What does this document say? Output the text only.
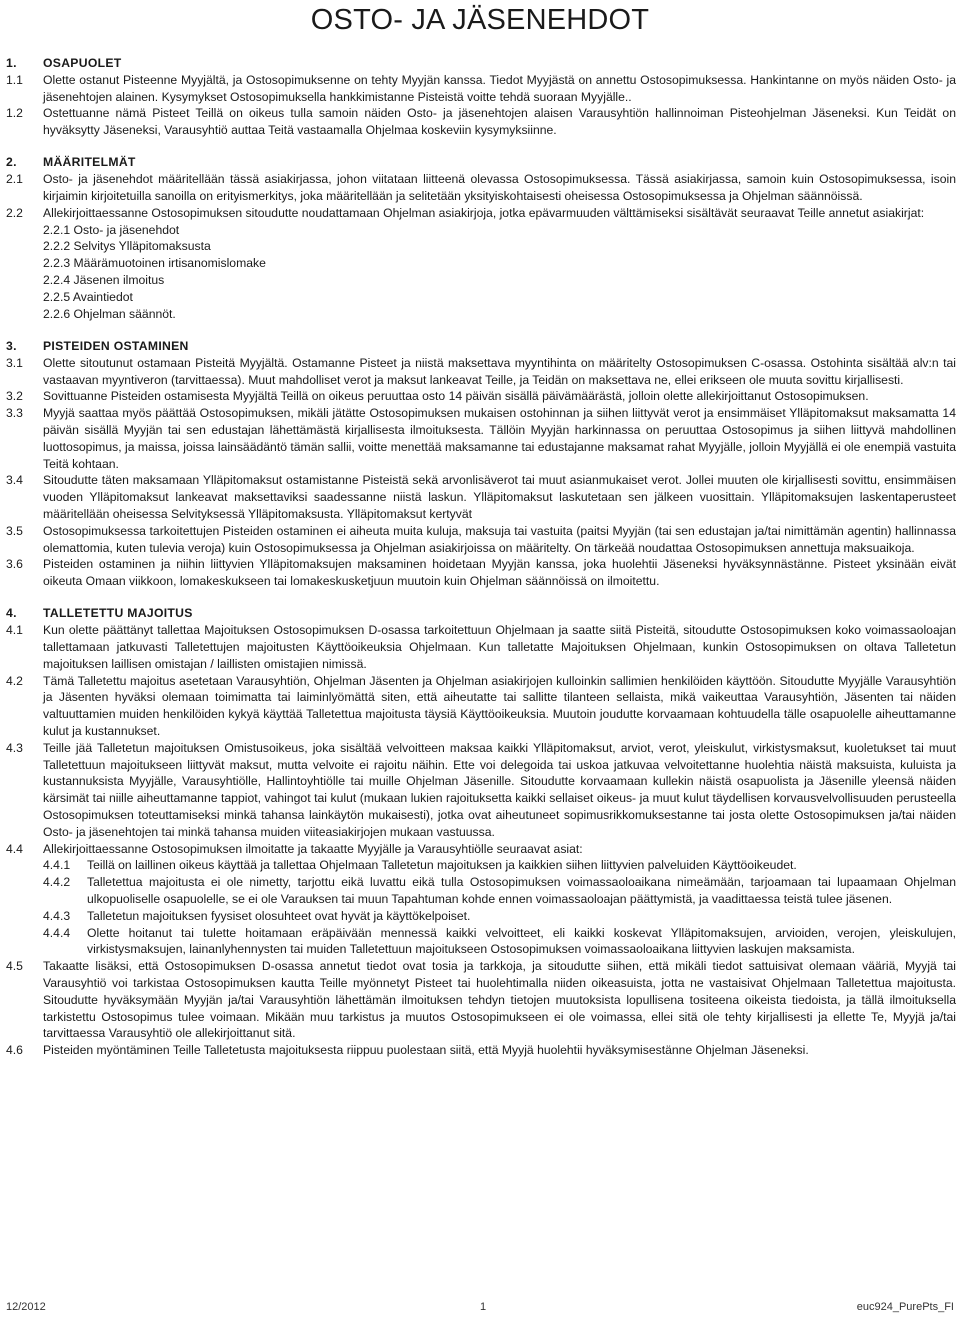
OSTO- JA JÄSENEHDOT
1.	OSAPUOLET
1.1	Olette ostanut Pisteenne Myyjältä, ja Ostosopimuksenne on tehty Myyjän kanssa. Tiedot Myyjästä on annettu Ostosopimuksessa. Hankintanne on myös näiden Osto- ja jäsenehtojen alainen. Kysymykset Ostosopimuksella hankkimistanne Pisteistä voitte tehdä suoraan Myyjälle..
1.2	Ostettuanne nämä Pisteet Teillä on oikeus tulla samoin näiden Osto- ja jäsenehtojen alaisen Varausyhtiön hallinnoiman Pisteohjelman Jäseneksi. Kun Teidät on hyväksytty Jäseneksi, Varausyhtiö auttaa Teitä vastaamalla Ohjelmaa koskeviin kysymyksiinne.
2.	MÄÄRITELMÄT
2.1	Osto- ja jäsenehdot määritellään tässä asiakirjassa, johon viitataan liitteenä olevassa Ostosopimuksessa. Tässä asiakirjassa, samoin kuin Ostosopimuksessa, isoin kirjaimin kirjoitetuilla sanoilla on erityismerkitys, joka määritellään ja selitetään yksityiskohtaisesti oheisessa Ostosopimuksessa ja Ohjelman säännöissä.
2.2	Allekirjoittaessanne Ostosopimuksen sitoudutte noudattamaan Ohjelman asiakirjoja, jotka epävarmuuden välttämiseksi sisältävät seuraavat Teille annetut asiakirjat:
2.2.1 Osto- ja jäsenehdot
2.2.2 Selvitys Ylläpitomaksusta
2.2.3 Määrämuotoinen irtisanomislomake
2.2.4 Jäsenen ilmoitus
2.2.5 Avaintiedot
2.2.6 Ohjelman säännöt.
3.	PISTEIDEN OSTAMINEN
3.1	Olette sitoutunut ostamaan Pisteitä Myyjältä. Ostamanne Pisteet ja niistä maksettava myyntihinta on määritelty Ostosopimuksen C-osassa. Ostohinta sisältää alv:n tai vastaavan myyntiveron (tarvittaessa). Muut mahdolliset verot ja maksut lankeavat Teille, ja Teidän on maksettava ne, ellei erikseen ole muuta sovittu kirjallisesti.
3.2	Sovittuanne Pisteiden ostamisesta Myyjältä Teillä on oikeus peruuttaa osto 14 päivän sisällä päivämäärästä, jolloin olette allekirjoittanut Ostosopimuksen.
3.3	Myyjä saattaa myös päättää Ostosopimuksen, mikäli jätätte Ostosopimuksen mukaisen ostohinnan ja siihen liittyvät verot ja ensimmäiset Ylläpitomaksut maksamatta 14 päivän sisällä Myyjän tai sen edustajan lähettämästä kirjallisesta ilmoituksesta. Tällöin Myyjän harkinnassa on peruuttaa Ostosopimus ja siihen liittyvä mahdollinen luottosopimus, ja maissa, joissa lainsäädäntö tämän sallii, voitte menettää maksamanne tai edustajanne maksamat rahat Myyjälle, jolloin Myyjällä ei ole enempiä vastuita Teitä kohtaan.
3.4	Sitoudutte täten maksamaan Ylläpitomaksut ostamistanne Pisteistä sekä arvonlisäverot tai muut asianmukaiset verot. Jollei muuten ole kirjallisesti sovittu, ensimmäisen vuoden Ylläpitomaksut lankeavat maksettaviksi saadessanne niistä laskun. Ylläpitomaksut laskutetaan sen jälkeen vuosittain. Ylläpitomaksujen laskentaperusteet määritellään oheisessa Selvityksessä Ylläpitomaksusta. Ylläpitomaksut kertyvät
3.5	Ostosopimuksessa tarkoitettujen Pisteiden ostaminen ei aiheuta muita kuluja, maksuja tai vastuita (paitsi Myyjän (tai sen edustajan ja/tai nimittämän agentin) hallinnassa olemattomia, kuten tulevia veroja) kuin Ostosopimuksessa ja Ohjelman asiakirjoissa on määritelty. On tärkeää noudattaa Ostosopimuksen annettuja maksuaikoja.
3.6	Pisteiden ostaminen ja niihin liittyvien Ylläpitomaksujen maksaminen hoidetaan Myyjän kanssa, joka huolehtii Jäseneksi hyväksynnästänne. Pisteet yksinään eivät oikeuta Omaan viikkoon, lomakeskukseen tai lomakeskusketjuun muutoin kuin Ohjelman säännöissä on ilmoitettu.
4.	TALLETETTU MAJOITUS
4.1	Kun olette päättänyt tallettaa Majoituksen Ostosopimuksen D-osassa tarkoitettuun Ohjelmaan ja saatte siitä Pisteitä, sitoudutte Ostosopimuksen koko voimassaoloajan tallettamaan jatkuvasti Talletettujen majoitusten Käyttöoikeuksia Ohjelmaan. Kun talletatte Majoituksen Ohjelmaan, kunkin Ostosopimuksen on oltava Talletetun majoituksen laillisen omistajan / laillisten omistajien nimissä.
4.2	Tämä Talletettu majoitus asetetaan Varausyhtiön, Ohjelman Jäsenten ja Ohjelman asiakirjojen kulloinkin sallimien henkilöiden käyttöön. Sitoudutte Myyjälle Varausyhtiön ja Jäsenten hyväksi olemaan toimimatta tai laiminlyömättä siten, että aiheutatte tai sallitte tilanteen sellaista, mikä vaikeuttaa Varausyhtiön, Jäsenten tai näiden valtuuttamien muiden henkilöiden kykyä käyttää Talletettua majoitusta täysiä Käyttöoikeuksia. Muutoin joudutte korvaamaan kohtuudella tälle osapuolelle aiheuttamanne kulut ja kustannukset.
4.3	Teille jää Talletetun majoituksen Omistusoikeus, joka sisältää velvoitteen maksaa kaikki Ylläpitomaksut, arviot, verot, yleiskulut, virkistysmaksut, kuoletukset tai muut Talletettuun majoitukseen liittyvät maksut, mutta velvoite ei rajoitu näihin. Ette voi delegoida tai uskoa jatkuvaa velvoitettanne huolehtia näistä maksuista, kuluista ja kustannuksista Myyjälle, Varausyhtiölle, Hallintoyhtiölle tai muille Ohjelman Jäsenille. Sitoudutte korvaamaan kullekin näistä osapuolista ja Jäsenille yleensä näiden kärsimät tai niille aiheuttamanne tappiot, vahingot tai kulut (mukaan lukien rajoituksetta kaikki sellaiset oikeus- ja muut kulut täydellisen korvausvelvollisuuden perusteella Ostosopimuksen toteuttamiseksi minkä tahansa lainkäytön mukaisesti), jotka ovat aiheutuneet sopimusrikkomuksestanne tai josta olette Ostosopimuksen ja/tai näiden Osto- ja jäsenehtojen tai minkä tahansa muiden viiteasiakirjojen mukaan vastuussa.
4.4	Allekirjoittaessanne Ostosopimuksen ilmoitatte ja takaatte Myyjälle ja Varausyhtiölle seuraavat asiat:
4.4.1	Teillä on laillinen oikeus käyttää ja tallettaa Ohjelmaan Talletetun majoituksen ja kaikkien siihen liittyvien palveluiden Käyttöoikeudet.
4.4.2	Talletettua majoitusta ei ole nimetty, tarjottu eikä luvattu eikä tulla Ostosopimuksen voimassaoloaikana nimeämään, tarjoamaan tai lupaamaan Ohjelman ulkopuoliselle osapuolelle, se ei ole Varauksen tai muun Tapahtuman kohde ennen voimassaoloajan päättymistä, ja vaadittaessa teistä tulee jäsenen.
4.4.3	Talletetun majoituksen fyysiset olosuhteet ovat hyvät ja käyttökelpoiset.
4.4.4	Olette hoitanut tai tulette hoitamaan eräpäivään mennessä kaikki velvoitteet, eli kaikki koskevat Ylläpitomaksujen, arvioiden, verojen, yleiskulujen, virkistysmaksujen, lainanlyhennysten tai muiden Talletettuun majoitukseen Ostosopimuksen voimassaoloaikana liittyvien laskujen maksamista.
4.5	Takaatte lisäksi, että Ostosopimuksen D-osassa annetut tiedot ovat tosia ja tarkkoja, ja sitoudutte siihen, että mikäli tiedot sattuisivat olemaan vääriä, Myyjä tai Varausyhtiö voi tarkistaa Ostosopimuksen kautta Teille myönnetyt Pisteet tai huolehtimalla niiden oikeasuista, jotta ne vastaisivat Ohjelmaan Talletettua majoitusta. Sitoudutte hyväksymään Myyjän ja/tai Varausyhtiön lähettämän ilmoituksen tehdyn tietojen muutoksista lopullisena tositeena oikeista tiedoista, ja tällä ilmoituksella tarkistettu Ostosopimus tulee voimaan. Mikään muu tarkistus ja muutos Ostosopimukseen ei ole voimassa, ellei sitä ole tehty kirjallisesti ja ellette Te, Myyjä ja/tai tarvittaessa Varausyhtiö ole allekirjoittanut sitä.
4.6	Pisteiden myöntäminen Teille Talletetusta majoituksesta riippuu puolestaan siitä, että Myyjä huolehtii hyväksymisestänne Ohjelman Jäseneksi.
12/2012	1	euc924_PurePts_FI
